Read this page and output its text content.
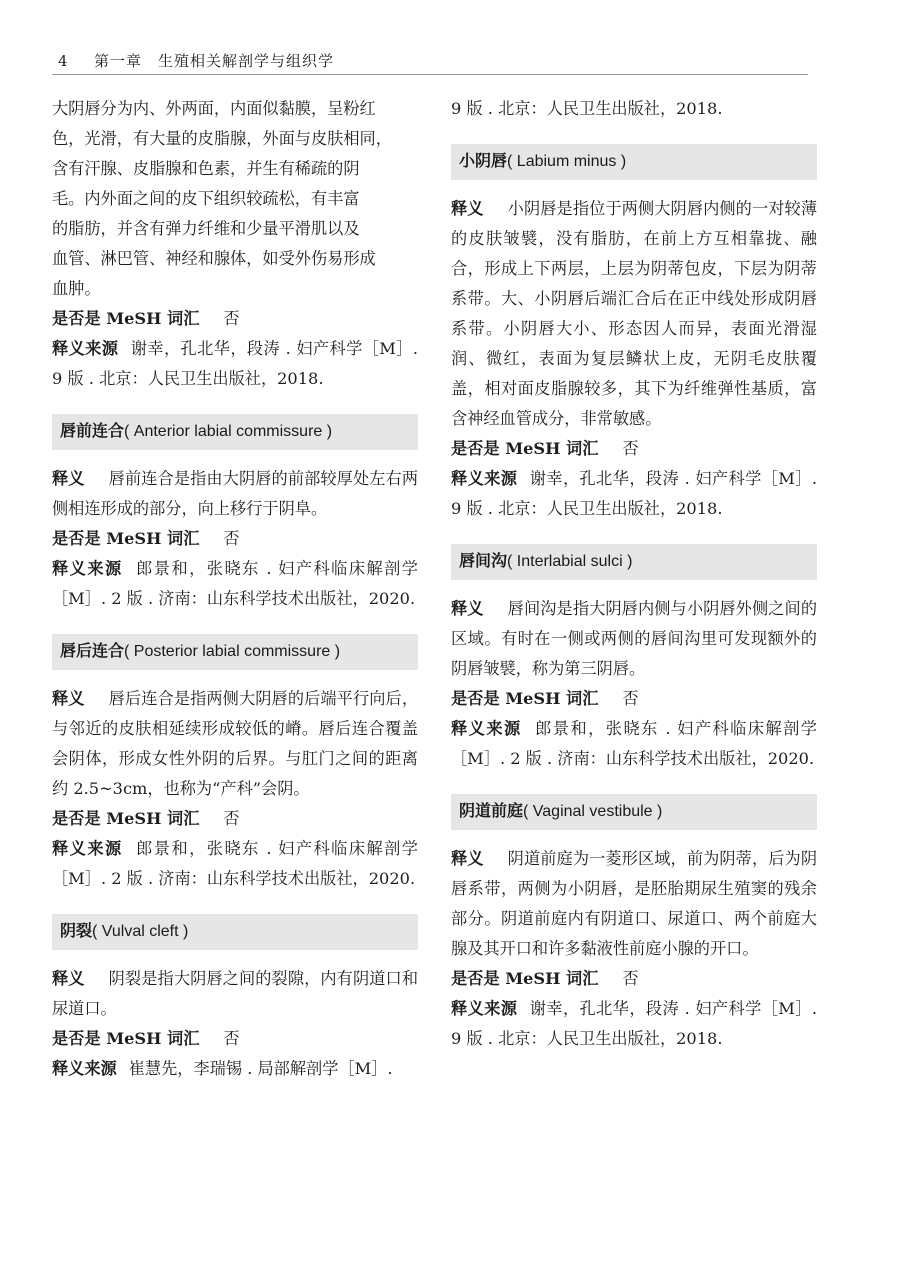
4 第一章　生殖相关解剖学与组织学

大阴唇分为内、外两面，内面似黏膜，呈粉红

色，光滑，有大量的皮脂腺，外面与皮肤相同，

含有汗腺、皮脂腺和色素，并生有稀疏的阴

毛。内外面之间的皮下组织较疏松，有丰富

的脂肪，并含有弹力纤维和少量平滑肌以及

血管、淋巴管、神经和腺体，如受外伤易形成

血肿。

是否是 MeSH 词汇 否

释义来源 谢幸，孔北华，段涛 . 妇产科学［M］. 9 版 . 北京：人民卫生出版社，2018.

唇前连合( Anterior labial commissure )

释义 唇前连合是指由大阴唇的前部较厚处左右两侧相连形成的部分，向上移行于阴阜。

是否是 MeSH 词汇 否

释义来源 郎景和，张晓东 . 妇产科临床解剖学［M］. 2 版 . 济南：山东科学技术出版社，2020.

唇后连合( Posterior labial commissure )

释义 唇后连合是指两侧大阴唇的后端平行向后，与邻近的皮肤相延续形成较低的嵴。唇后连合覆盖会阴体，形成女性外阴的后界。与肛门之间的距离约 2.5~3cm，也称为“产科”会阴。

是否是 MeSH 词汇 否

释义来源 郎景和，张晓东 . 妇产科临床解剖学［M］. 2 版 . 济南：山东科学技术出版社，2020.

阴裂( Vulval cleft )

释义 阴裂是指大阴唇之间的裂隙，内有阴道口和尿道口。

是否是 MeSH 词汇 否

释义来源 崔慧先，李瑞锡 . 局部解剖学［M］.

9 版 . 北京：人民卫生出版社，2018.

小阴唇( Labium minus )

释义 小阴唇是指位于两侧大阴唇内侧的一对较薄的皮肤皱襞，没有脂肪，在前上方互相靠拢、融合，形成上下两层，上层为阴蒂包皮，下层为阴蒂系带。大、小阴唇后端汇合后在正中线处形成阴唇系带。小阴唇大小、形态因人而异，表面光滑湿润、微红，表面为复层鳞状上皮，无阴毛皮肤覆盖，相对面皮脂腺较多，其下为纤维弹性基质，富含神经血管成分，非常敏感。

是否是 MeSH 词汇 否

释义来源 谢幸，孔北华，段涛 . 妇产科学［M］. 9 版 . 北京：人民卫生出版社，2018.

唇间沟( Interlabial sulci )

释义 唇间沟是指大阴唇内侧与小阴唇外侧之间的区域。有时在一侧或两侧的唇间沟里可发现额外的阴唇皱襞，称为第三阴唇。

是否是 MeSH 词汇 否

释义来源 郎景和，张晓东 . 妇产科临床解剖学［M］. 2 版 . 济南：山东科学技术出版社，2020.

阴道前庭( Vaginal vestibule )

释义 阴道前庭为一菱形区域，前为阴蒂，后为阴唇系带，两侧为小阴唇，是胚胎期尿生殖窦的残余部分。阴道前庭内有阴道口、尿道口、两个前庭大腺及其开口和许多黏液性前庭小腺的开口。

是否是 MeSH 词汇 否

释义来源 谢幸，孔北华，段涛 . 妇产科学［M］. 9 版 . 北京：人民卫生出版社，2018.
